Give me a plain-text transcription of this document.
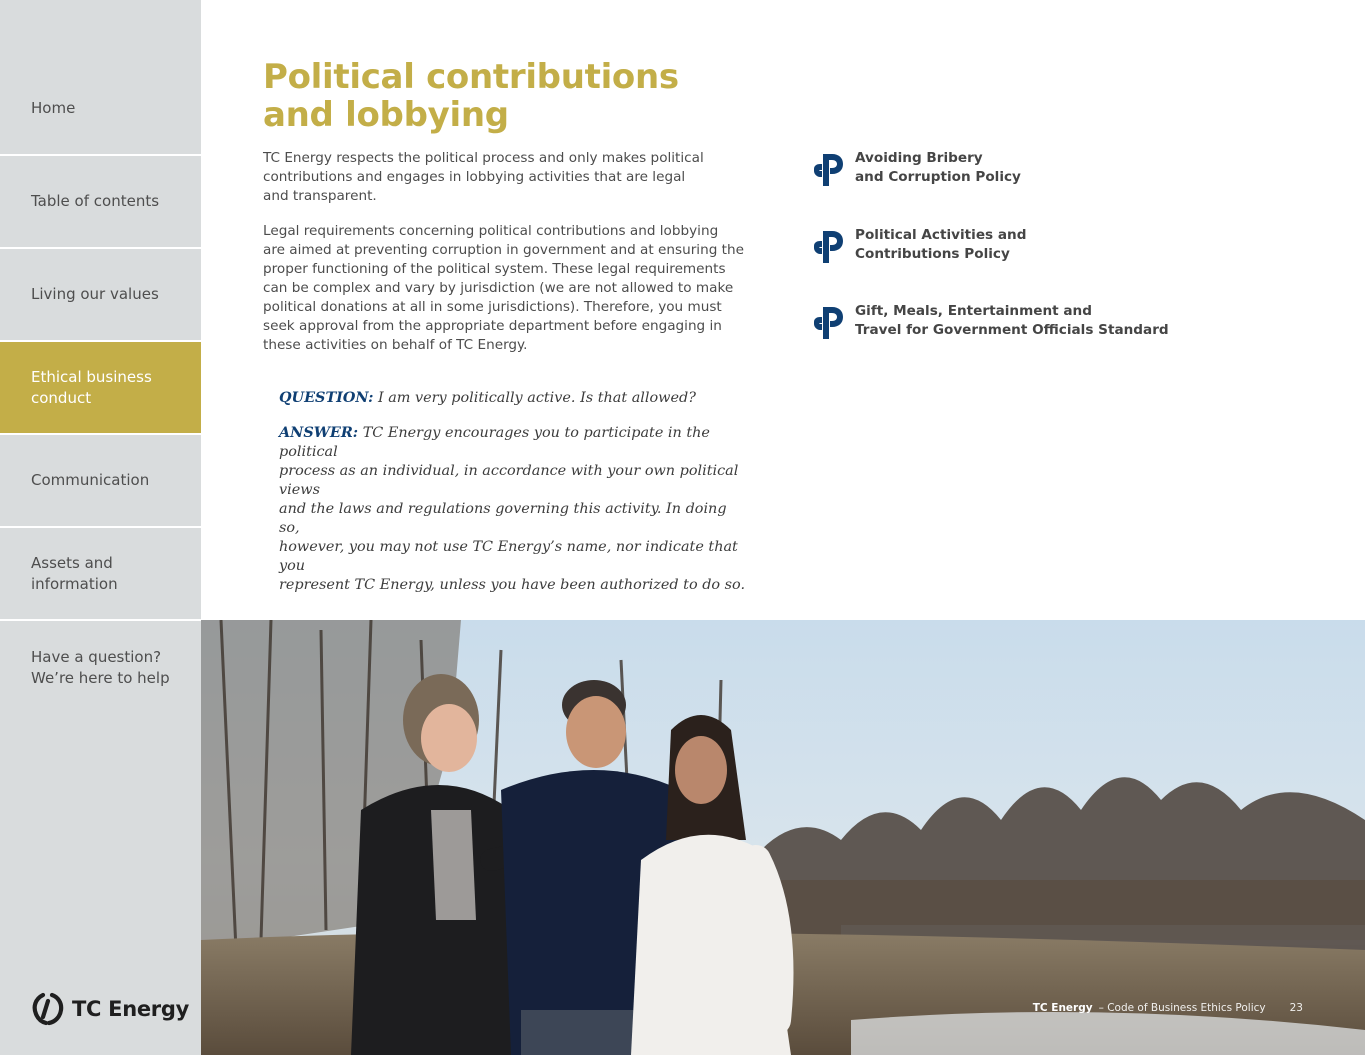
Home
Table of contents
Living our values
Ethical business
conduct
Communication
Assets and
information
Have a question?
We’re here to help
TC Energy
Political contributions
and lobbying

TC Energy respects the political process and only makes political
contributions and engages in lobbying activities that are legal
and transparent.

Legal requirements concerning political contributions and lobbying
are aimed at preventing corruption in government and at ensuring the
proper functioning of the political system. These legal requirements
can be complex and vary by jurisdiction (we are not allowed to make
political donations at all in some jurisdictions). Therefore, you must
seek approval from the appropriate department before engaging in
these activities on behalf of TC Energy.

QUESTION: I am very politically active. Is that allowed?

ANSWER: TC Energy encourages you to participate in the political
process as an individual, in accordance with your own political views
and the laws and regulations governing this activity. In doing so,
however, you may not use TC Energy’s name, nor indicate that you
represent TC Energy, unless you have been authorized to do so.

Avoiding Bribery
and Corruption Policy
Political Activities and
Contributions Policy
Gift, Meals, Entertainment and
Travel for Government Officials Standard
TC Energy – Code of Business Ethics Policy 23
